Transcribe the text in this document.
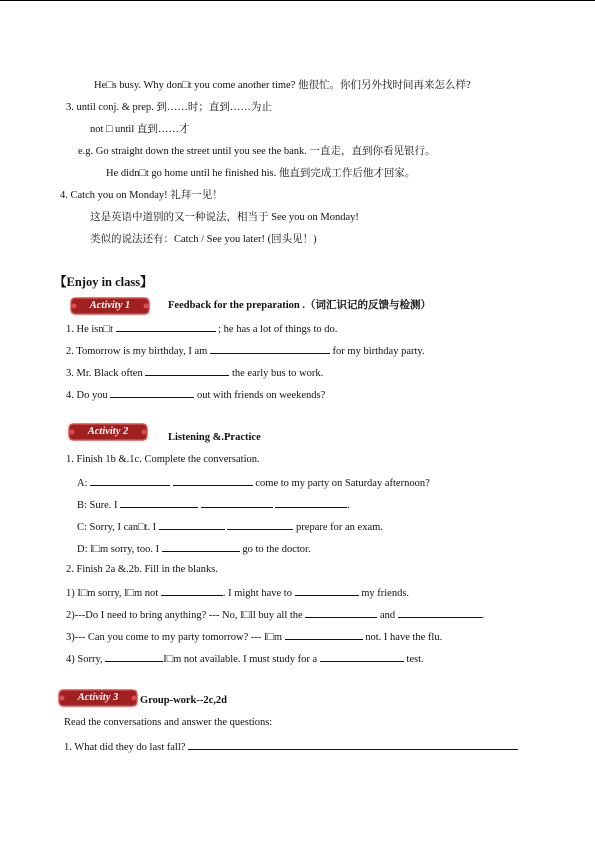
He□s busy. Why don□t you come another time? 他很忙。你们另外找时间再来怎么样?
3. until conj. & prep. 到……时；直到……为止
not □ until 直到……才
e.g. Go straight down the street until you see the bank. 一直走，直到你看见银行。
He didn□t go home until he finished his. 他直到完成工作后他才回家。
4. Catch you on Monday! 礼拜一见！
这是英语中道别的又一种说法，相当于 See you on Monday!
类似的说法还有：Catch / See you later! (回头见！)
【Enjoy in class】
Activity 1	Feedback for the preparation .（词汇识记的反馈与检测）
1. He isn□t	; he has a lot of things to do.
2. Tomorrow is my birthday, I am	for my birthday party.
3. Mr. Black often	the early bus to work.
4. Do you	out with friends on weekends?
Activity 2
Listening &.Practice
1. Finish 1b &.1c. Complete the conversation.
A:	come to my party on Saturday afternoon?
B: Sure. I	.
C: Sorry, I can□t. I	prepare for an exam.
D: I□m sorry, too. I	go to the doctor.
2. Finish 2a &.2b. Fill in the blanks.
1) I□m sorry, I□m not	. I might have to	my friends.
2)---Do I need to bring anything? --- No, I□ll buy all the	and	.
3)--- Can you come to my party tomorrow? --- I□m	not. I have the flu.
4) Sorry,	I□m not available. I must study for a	test.
Activity 3	Group-work--2c,2d
Read the conversations and answer the questions:
1. What did they do last fall?
